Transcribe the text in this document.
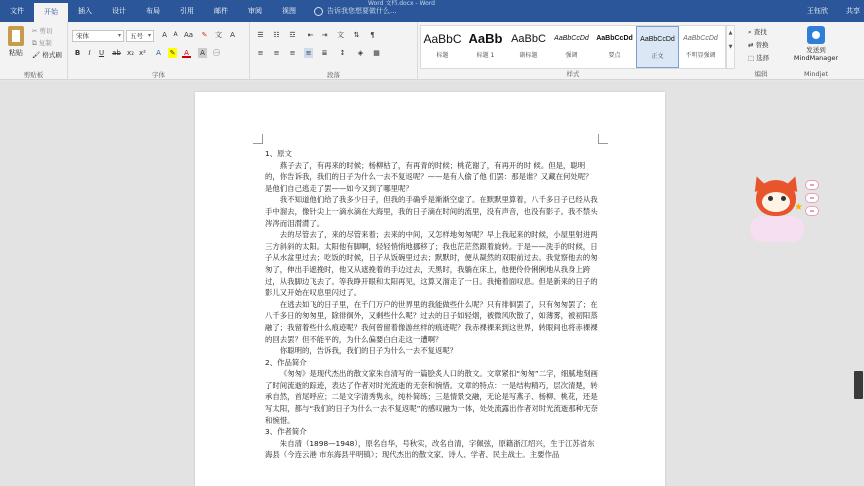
文件	开始	插入	设计	布局	引用	邮件	审阅	视图	告诉我您想要做什么...
Word 文档.docx - Word
王钰欣	共享
粘贴
✂ 剪切
⧉ 复制
🖌 格式刷
剪贴板
宋体 ▾	五号 ▾	A	A Aa ✎ 文 A
B	I	U ab x₂ x² A	✎ A	A	㊀
字体
☰ ☷ ☲ ⇤ ⇥ 文 ⇅	¶
≡ ≡ ≡ ≡ ≣ ↕ ◈ ▦
段落
AaBbC
标题
AaBb
标题 1
AaBbC
副标题
AaBbCcDd
强调
AaBbCcDd
要点
AaBbCcDd
正文
AaBbCcDd
不明显强调
▲
▼
样式
⌕ 查找
⇄ 替换
⬚ 选择
编辑
发送到
MindManager
Mindjet

1、原文

燕子去了，有再来的时候；杨柳枯了，有再青的时候；桃花谢了，有再开的时 候。但是，聪明的，你告诉我，我们的日子为什么一去不复返呢？——是有人偷了他 们罢：那是谁？又藏在何处呢？是他们自己逃走了罢——如今又到了哪里呢？

我不知道他们给了我多少日子，但我的手确乎是渐渐空虚了。在默默里算着，八千多日子已经从我手中溜去，像针尖上一滴水滴在大海里，我的日子滴在时间的流里，没有声音，也没有影子。我不禁头涔涔而泪潸潸了。

去的尽管去了，来的尽管来着；去来的中间，又怎样地匆匆呢？早上我起来的时候，小屋里射进两三方斜斜的太阳。太阳他有脚啊，轻轻悄悄地挪移了；我也茫茫然跟着旋转。于是——洗手的时候，日子从水盆里过去；吃饭的时候，日子从饭碗里过去；默默时，便从凝然的双眼前过去。我觉察他去的匆匆了，伸出手遮挽时，他又从遮挽着的手边过去，天黑时，我躺在床上，他便伶伶俐俐地从我身上跨过，从我脚边飞去了。等我睁开眼和太阳再见，这算又溜走了一日。我掩着面叹息。但是新来的日子的影儿又开始在叹息里闪过了。

在逃去如飞的日子里，在千门万户的世界里的我能做些什么呢？只有徘徊罢了，只有匆匆罢了；在八千多日的匆匆里，除徘徊外，又剩些什么呢？过去的日子如轻烟，被微风吹散了，如薄雾，被初阳蒸融了；我留着些什么痕迹呢？我何曾留着像游丝样的痕迹呢？我赤裸裸来到这世界，转眼间也将赤裸裸的回去罢？但不能平的，为什么偏要白白走这一遭啊？

你聪明的，告诉我，我们的日子为什么一去不复返呢？

2、作品简介

《匆匆》是现代杰出的散文家朱自清写的一篇脍炙人口的散文。文章紧扣“匆匆”二字，细腻地刻画了时间流逝的踪迹，表达了作者对时光流逝的无奈和惋惜。文章的特点：一是结构精巧，层次清楚，转承自然，首尾呼应；二是文字清秀隽永，纯朴简练；三是情景交融，无论是写燕子、杨柳、桃花，还是写太阳，都与“我们的日子为什么一去不复返呢”的感叹融为一体，处处流露出作者对时光流逝那种无奈和惋惜。

3、作者简介

朱自清（1898—1948），原名自华，号秋实，改名自清，字佩弦，原籍浙江绍兴，生于江苏省东海县（今连云港 市东海县平明镇）；现代杰出的散文家、诗人、学者、民主战士。主要作品

★
